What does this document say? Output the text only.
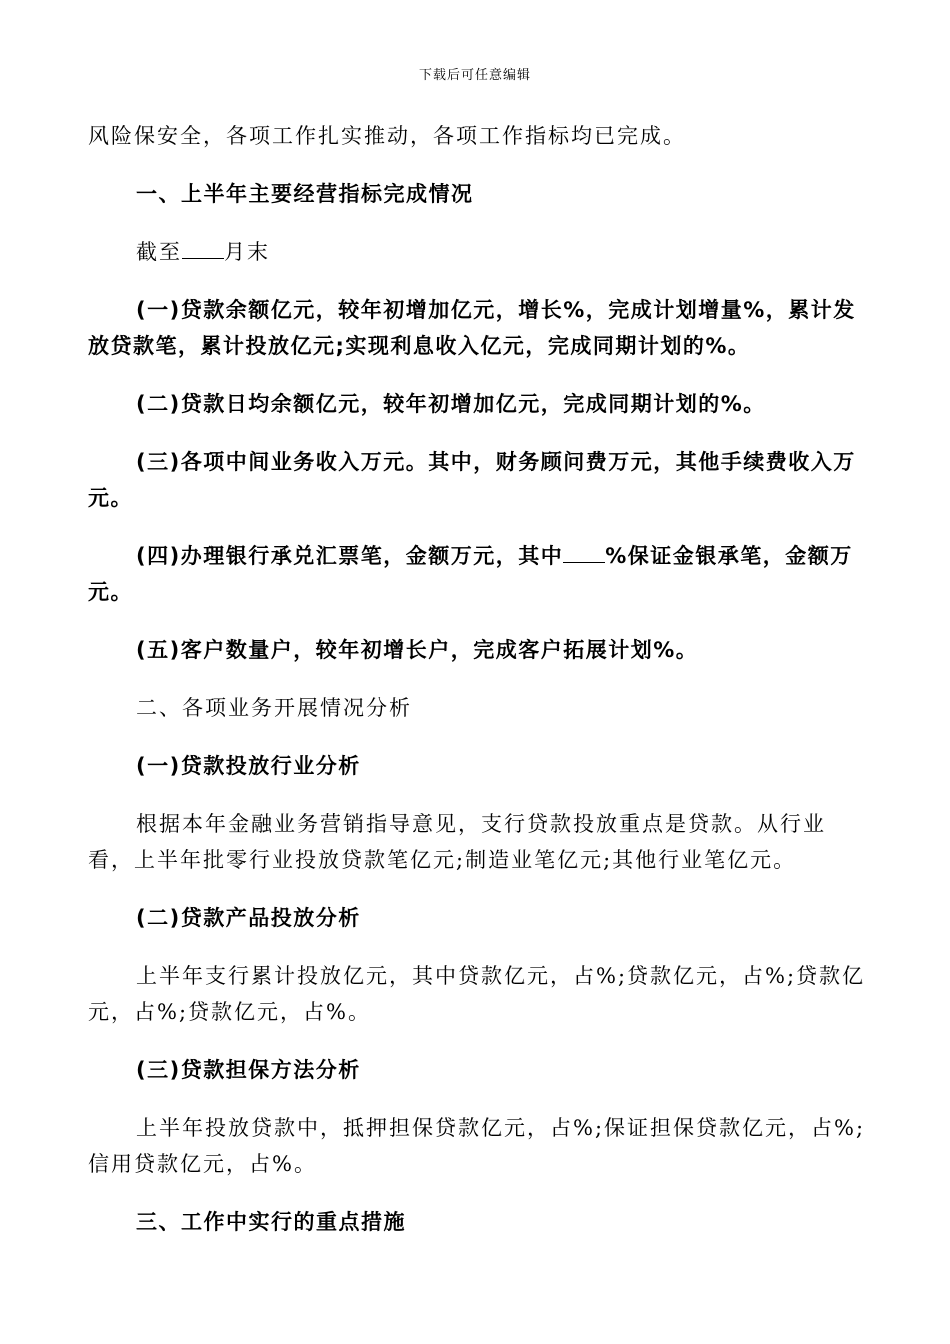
下载后可任意编辑

风险保安全，各项工作扎实推动，各项工作指标均已完成。

一、上半年主要经营指标完成情况

截至 月末

(一)贷款余额亿元，较年初增加亿元，增长%，完成计划增量%，累计发放贷款笔，累计投放亿元;实现利息收入亿元，完成同期计划的%。

(二)贷款日均余额亿元，较年初增加亿元，完成同期计划的%。

(三)各项中间业务收入万元。其中，财务顾问费万元，其他手续费收入万元。

(四)办理银行承兑汇票笔，金额万元，其中 %保证金银承笔，金额万元。

(五)客户数量户，较年初增长户，完成客户拓展计划%。

二、各项业务开展情况分析

(一)贷款投放行业分析

根据本年金融业务营销指导意见，支行贷款投放重点是贷款。从行业看，上半年批零行业投放贷款笔亿元;制造业笔亿元;其他行业笔亿元。

(二)贷款产品投放分析

上半年支行累计投放亿元，其中贷款亿元，占%;贷款亿元，占%;贷款亿元，占%;贷款亿元，占%。

(三)贷款担保方法分析

上半年投放贷款中，抵押担保贷款亿元，占%;保证担保贷款亿元，占%;信用贷款亿元，占%。

三、工作中实行的重点措施
